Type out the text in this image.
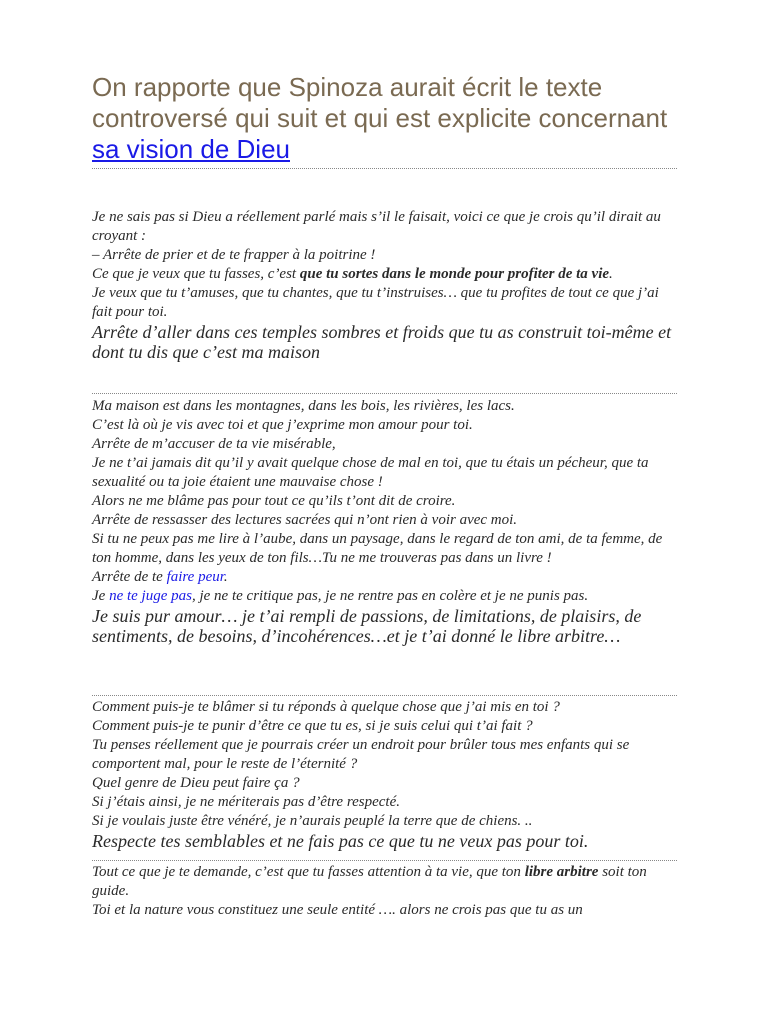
On rapporte que Spinoza aurait écrit le texte controversé qui suit et qui est explicite concernant sa vision de Dieu

Je ne sais pas si Dieu a réellement parlé mais s’il le faisait, voici ce que je crois qu’il dirait au croyant :

– Arrête de prier et de te frapper à la poitrine !

Ce que je veux que tu fasses, c’est que tu sortes dans le monde pour profiter de ta vie.

Je veux que tu t’amuses, que tu chantes, que tu t’instruises… que tu profites de tout ce que j’ai fait pour toi.

Arrête d’aller dans ces temples sombres et froids que tu as construit toi-même et dont tu dis que c’est ma maison

Ma maison est dans les montagnes, dans les bois, les rivières, les lacs.

C’est là où je vis avec toi et que j’exprime mon amour pour toi.

Arrête de m’accuser de ta vie misérable,

Je ne t’ai jamais dit qu’il y avait quelque chose de mal en toi, que tu étais un pécheur, que ta sexualité ou ta joie étaient une mauvaise chose !

Alors ne me blâme pas pour tout ce qu’ils t’ont dit de croire.

Arrête de ressasser des lectures sacrées qui n’ont rien à voir avec moi.

Si tu ne peux pas me lire à l’aube, dans un paysage, dans le regard de ton ami, de ta femme, de ton homme, dans les yeux de ton fils…Tu ne me trouveras pas dans un livre !

Arrête de te faire peur.

Je ne te juge pas, je ne te critique pas, je ne rentre pas en colère et je ne punis pas.

Je suis pur amour… je t’ai rempli de passions, de limitations, de plaisirs, de sentiments, de besoins, d’incohérences…et je t’ai donné le libre arbitre…

Comment puis-je te blâmer si tu réponds à quelque chose que j’ai mis en toi ?

Comment puis-je te punir d’être ce que tu es, si je suis celui qui t’ai fait ?

Tu penses réellement que je pourrais créer un endroit pour brûler tous mes enfants qui se comportent mal, pour le reste de l’éternité ?

Quel genre de Dieu peut faire ça ?

Si j’étais ainsi, je ne mériterais pas d’être respecté.

Si je voulais juste être vénéré, je n’aurais peuplé la terre que de chiens. ..

Respecte tes semblables et ne fais pas ce que tu ne veux pas pour toi.

Tout ce que je te demande, c’est que tu fasses attention à ta vie, que ton libre arbitre soit ton guide.

Toi et la nature vous constituez une seule entité …. alors ne crois pas que tu as un
